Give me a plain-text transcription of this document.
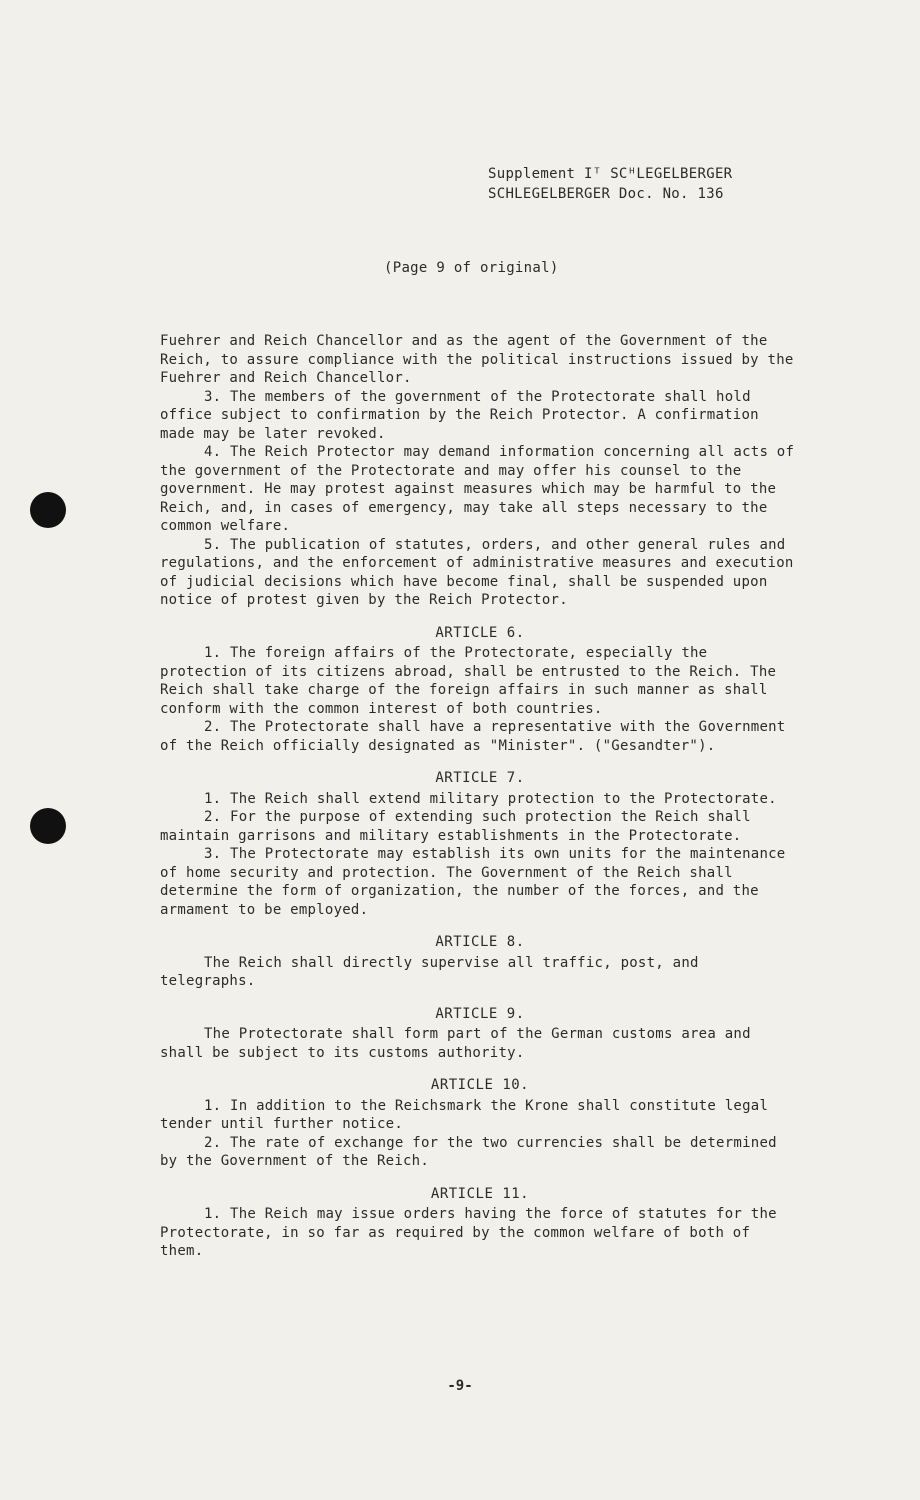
Supplement Iᵀ SCᴴLEGELBERGER
SCHLEGELBERGER Doc. No. 136
(Page 9 of original)

Fuehrer and Reich Chancellor and as the agent of the Government of the Reich, to assure compliance with the political instructions issued by the Fuehrer and Reich Chancellor.

3. The members of the government of the Protectorate shall hold office subject to confirmation by the Reich Protector. A confirmation made may be later revoked.

4. The Reich Protector may demand information concerning all acts of the government of the Protectorate and may offer his counsel to the government. He may protest against measures which may be harmful to the Reich, and, in cases of emergency, may take all steps necessary to the common welfare.

5. The publication of statutes, orders, and other general rules and regulations, and the enforcement of administrative measures and execution of judicial decisions which have become final, shall be suspended upon notice of protest given by the Reich Protector.

ARTICLE 6.

1. The foreign affairs of the Protectorate, especially the protection of its citizens abroad, shall be entrusted to the Reich. The Reich shall take charge of the foreign affairs in such manner as shall conform with the common interest of both countries.

2. The Protectorate shall have a representative with the Government of the Reich officially designated as "Minister". ("Gesandter").

ARTICLE 7.

1. The Reich shall extend military protection to the Protectorate.

2. For the purpose of extending such protection the Reich shall maintain garrisons and military establishments in the Protectorate.

3. The Protectorate may establish its own units for the maintenance of home security and protection. The Government of the Reich shall determine the form of organization, the number of the forces, and the armament to be employed.

ARTICLE 8.

The Reich shall directly supervise all traffic, post, and telegraphs.

ARTICLE 9.

The Protectorate shall form part of the German customs area and shall be subject to its customs authority.

ARTICLE 10.

1. In addition to the Reichsmark the Krone shall constitute legal tender until further notice.

2. The rate of exchange for the two currencies shall be determined by the Government of the Reich.

ARTICLE 11.

1. The Reich may issue orders having the force of statutes for the Protectorate, in so far as required by the common welfare of both of them.

-9-
